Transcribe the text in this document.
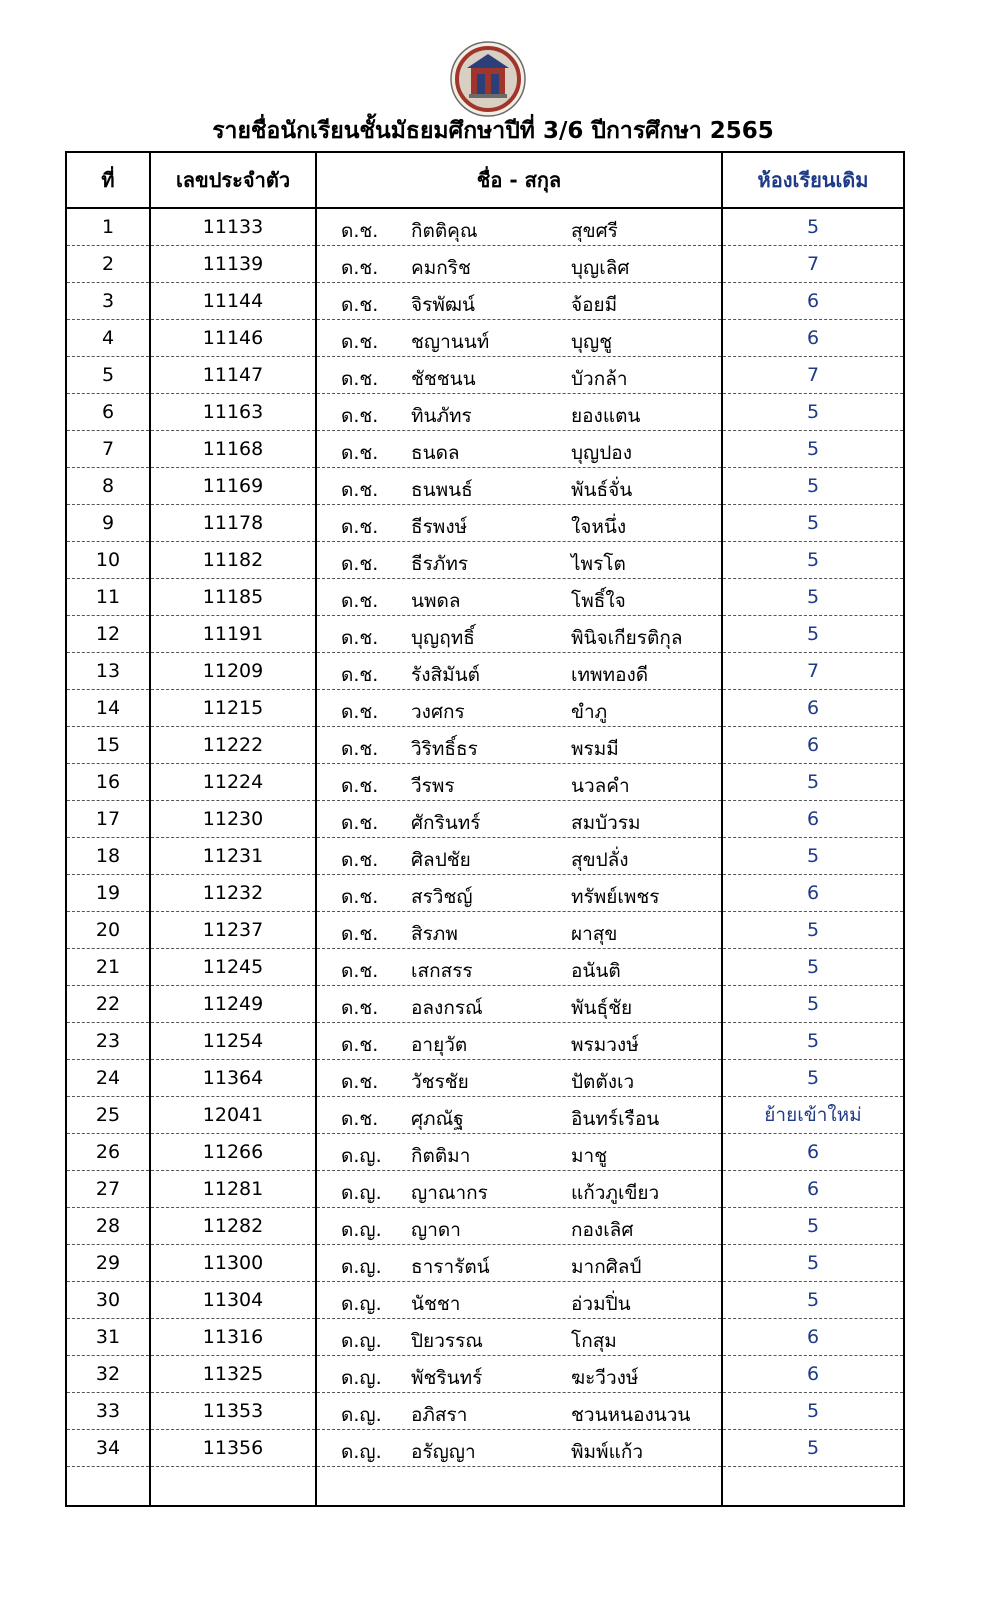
รายชื่อนักเรียนชั้นมัธยมศึกษาปีที่ 3/6 ปีการศึกษา 2565
ที่	เลขประจำตัว	ชื่อ - สกุล	ห้องเรียนเดิม
1	11133	ด.ช. กิตติคุณ สุขศรี	5
2	11139	ด.ช. คมกริช บุญเลิศ	7
3	11144	ด.ช. จิรพัฒน์ จ้อยมี	6
4	11146	ด.ช. ชญานนท์ บุญชู	6
5	11147	ด.ช. ชัชชนน บัวกล้า	7
6	11163	ด.ช. ทินภัทร ยองแตน	5
7	11168	ด.ช. ธนดล บุญปอง	5
8	11169	ด.ช. ธนพนธ์ พันธ์จั่น	5
9	11178	ด.ช. ธีรพงษ์ ใจหนึ่ง	5
10	11182	ด.ช. ธีรภัทร ไพรโต	5
11	11185	ด.ช. นพดล โพธิ์ใจ	5
12	11191	ด.ช. บุญฤทธิ์ พินิจเกียรติกุล	5
13	11209	ด.ช. รังสิมันต์ เทพทองดี	7
14	11215	ด.ช. วงศกร ขำภู	6
15	11222	ด.ช. วิริทธิ์ธร พรมมี	6
16	11224	ด.ช. วีรพร นวลคำ	5
17	11230	ด.ช. ศักรินทร์ สมบัวรม	6
18	11231	ด.ช. ศิลปชัย สุขปลั่ง	5
19	11232	ด.ช. สรวิชญ์ ทรัพย์เพชร	6
20	11237	ด.ช. สิรภพ ผาสุข	5
21	11245	ด.ช. เสกสรร อนันติ	5
22	11249	ด.ช. อลงกรณ์ พันธุ์ชัย	5
23	11254	ด.ช. อายุวัต พรมวงษ์	5
24	11364	ด.ช. วัชรชัย ปัตตังเว	5
25	12041	ด.ช. ศุภณัฐ อินทร์เรือน	ย้ายเข้าใหม่
26	11266	ด.ญ. กิตติมา มาชู	6
27	11281	ด.ญ. ญาณากร แก้วภูเขียว	6
28	11282	ด.ญ. ญาดา กองเลิศ	5
29	11300	ด.ญ. ธารารัตน์ มากศิลป์	5
30	11304	ด.ญ. นัชชา อ่วมปิ่น	5
31	11316	ด.ญ. ปิยวรรณ โกสุม	6
32	11325	ด.ญ. พัชรินทร์ ฆะวีวงษ์	6
33	11353	ด.ญ. อภิสรา ชวนหนองนวน	5
34	11356	ด.ญ. อรัญญา พิมพ์แก้ว	5
